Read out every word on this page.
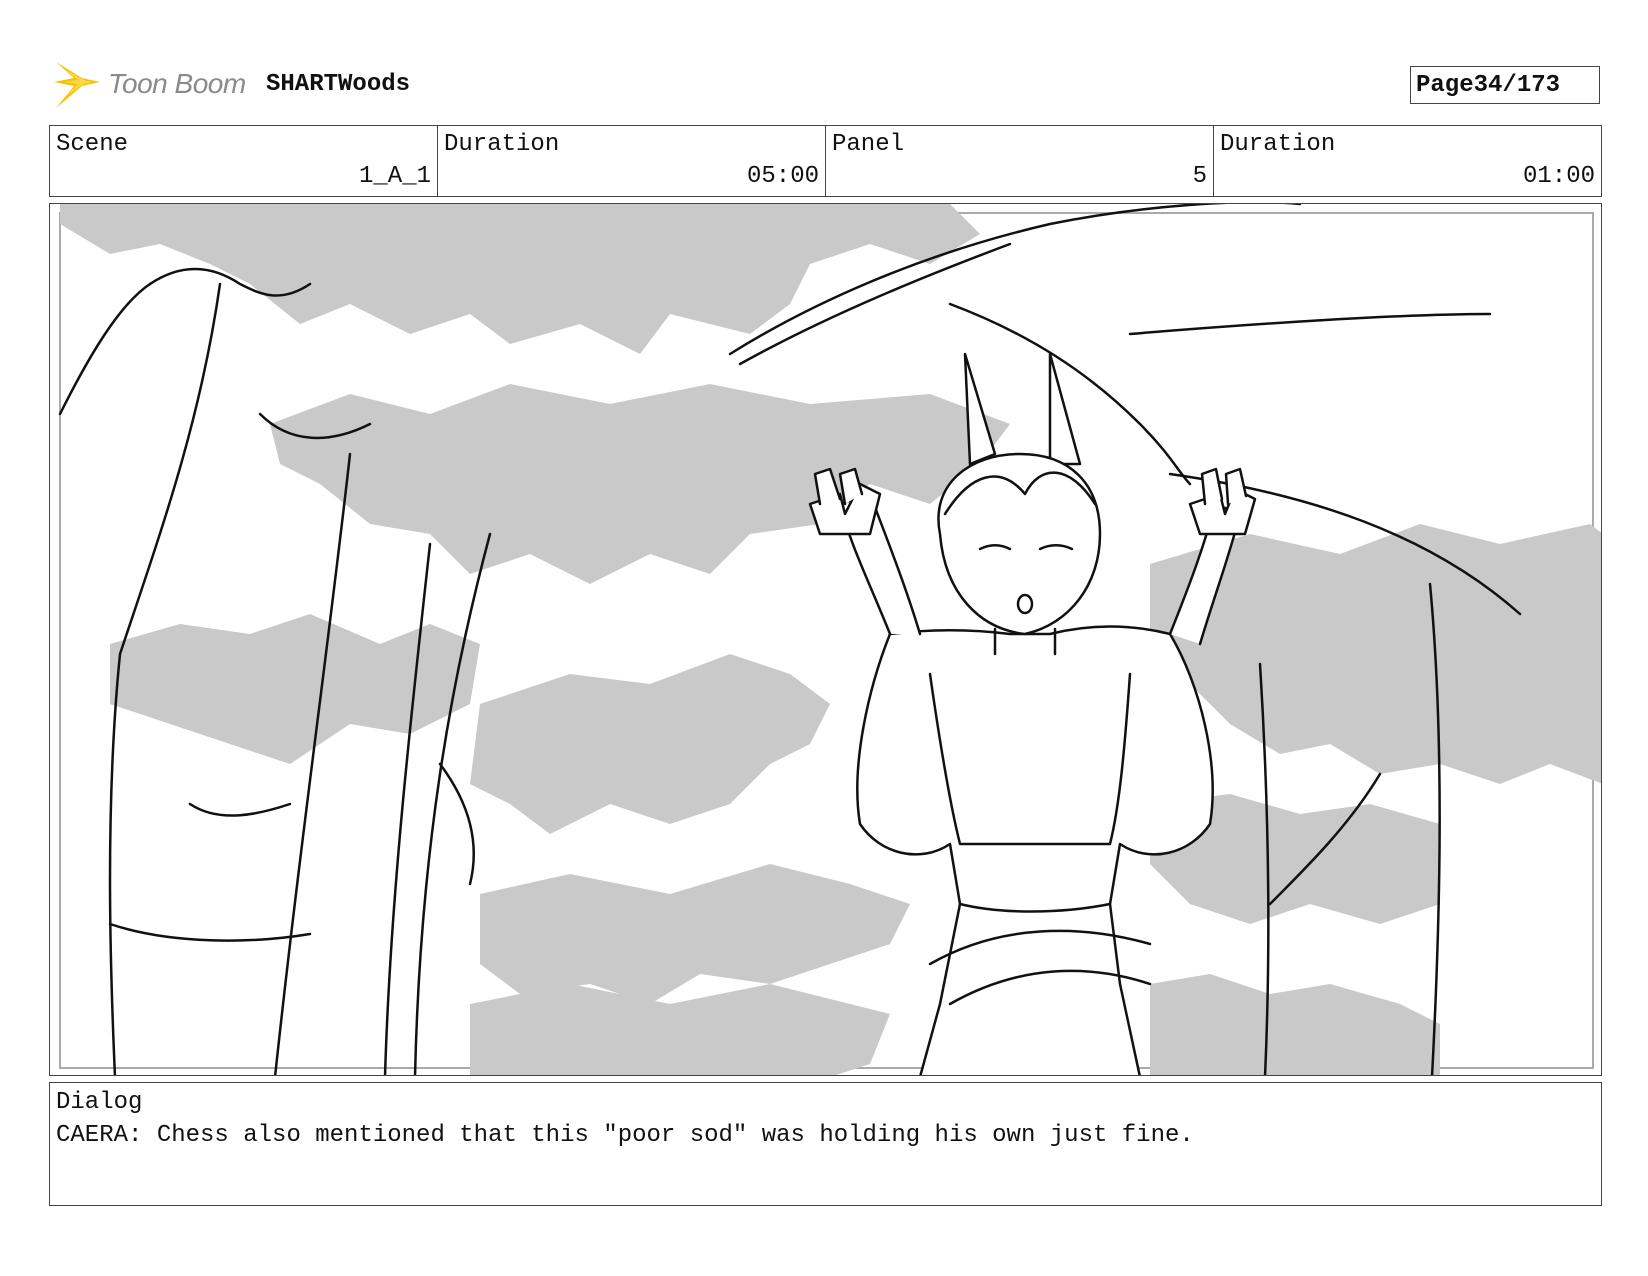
Toon Boom SHARTWoods	Page 34/173
Scene
1_A_1
Duration
05:00
Panel
5
Duration
01:00
Dialog
CAERA: Chess also mentioned that this "poor sod" was holding his own just fine.
